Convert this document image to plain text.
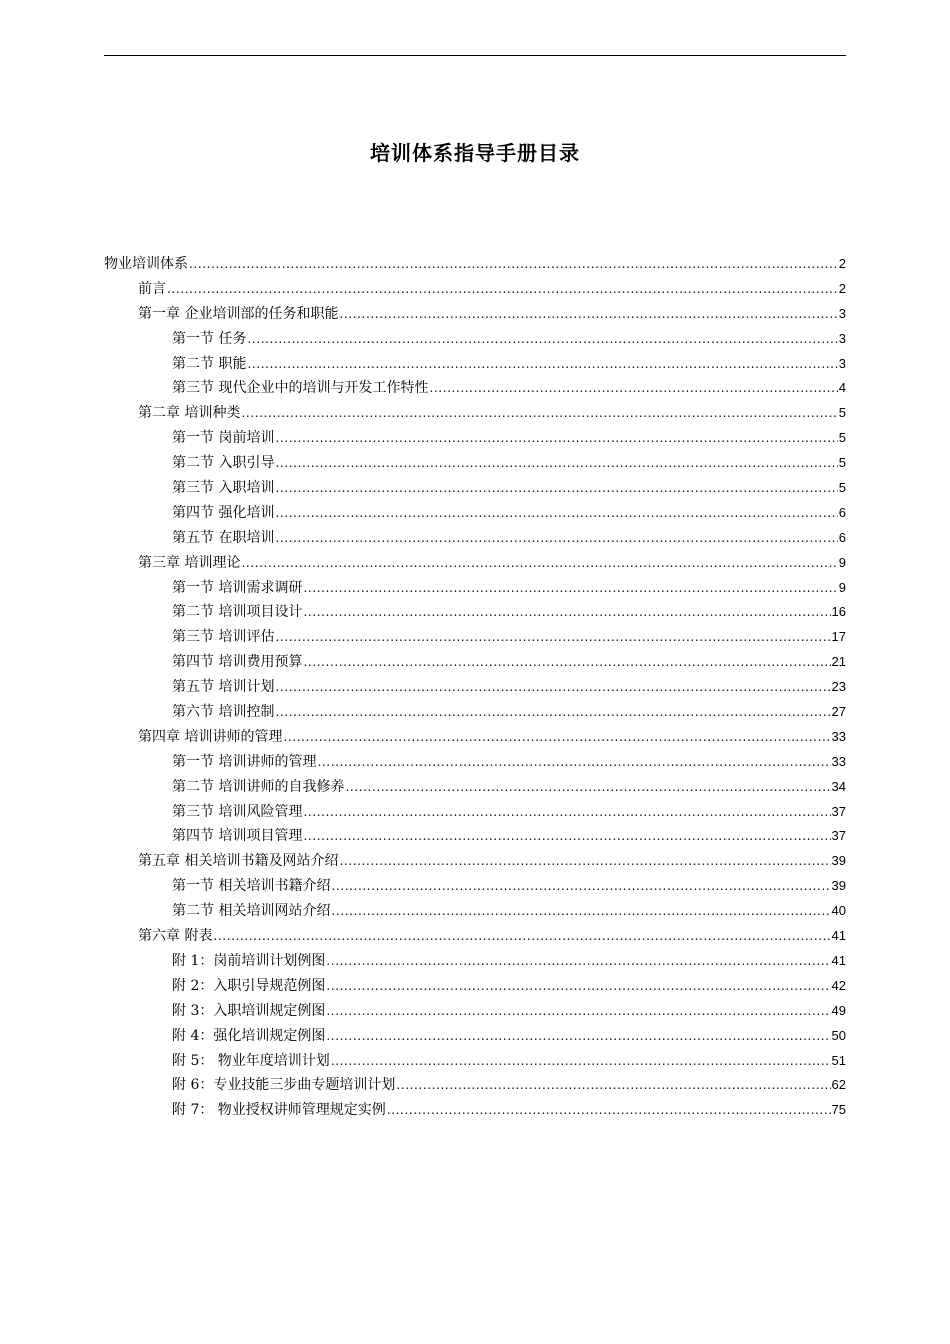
培训体系指导手册目录
物业培训体系 .....	2
前言 .....	2
第一章 企业培训部的任务和职能 .....	3
第一节 任务 .....	3
第二节 职能 .....	3
第三节 现代企业中的培训与开发工作特性 .....	4
第二章 培训种类 .....	5
第一节 岗前培训 .....	5
第二节 入职引导 .....	5
第三节 入职培训 .....	5
第四节 强化培训 .....	6
第五节 在职培训 .....	6
第三章 培训理论 .....	9
第一节 培训需求调研 .....	9
第二节 培训项目设计 .....	16
第三节 培训评估 .....	17
第四节 培训费用预算 .....	21
第五节 培训计划 .....	23
第六节 培训控制 .....	27
第四章 培训讲师的管理 .....	33
第一节 培训讲师的管理 .....	33
第二节 培训讲师的自我修养 .....	34
第三节 培训风险管理 .....	37
第四节 培训项目管理 .....	37
第五章 相关培训书籍及网站介绍 .....	39
第一节 相关培训书籍介绍 .....	39
第二节 相关培训网站介绍 .....	40
第六章 附表 .....	41
附 1：岗前培训计划例图 .....	41
附 2：入职引导规范例图 .....	42
附 3：入职培训规定例图 .....	49
附 4：强化培训规定例图 .....	50
附 5： 物业年度培训计划 .....	51
附 6：专业技能三步曲专题培训计划 .....	62
附 7： 物业授权讲师管理规定实例 .....	75
